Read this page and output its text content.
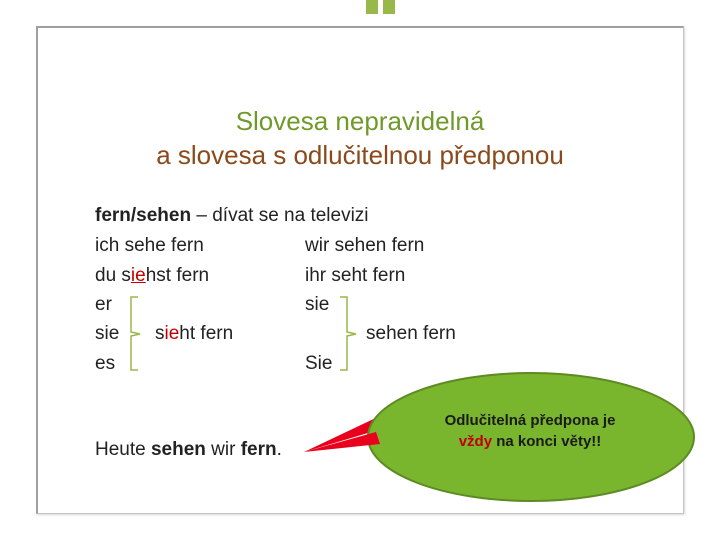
Slovesa nepravidelná
a slovesa s odlučitelnou předponou
fern/sehen – dívat se na televizi
ich sehe fern
du siehst fern
er
sie
es
sieht fern
wir sehen fern
ihr seht fern
sie
Sie
sehen fern
Heute sehen wir fern.
Odlučitelná předpona je
vždy na konci věty!!
